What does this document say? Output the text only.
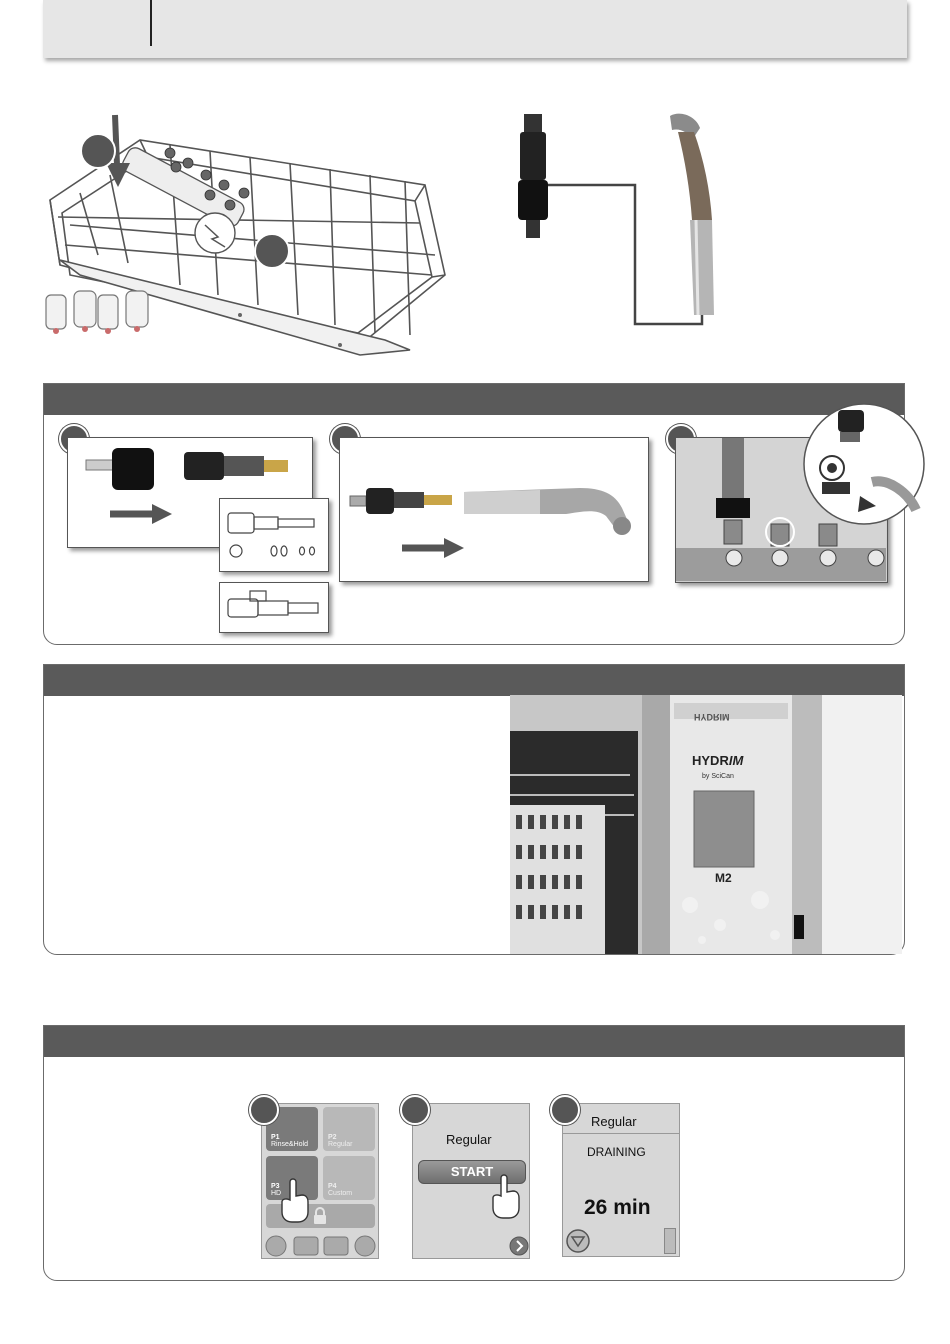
HYDRIM
HYDRIM
by SciCan
M2
P1
Rinse&Hold
P2
Regular
P3
HD
P4
Custom
Regular
START
Regular
DRAINING
26 min
